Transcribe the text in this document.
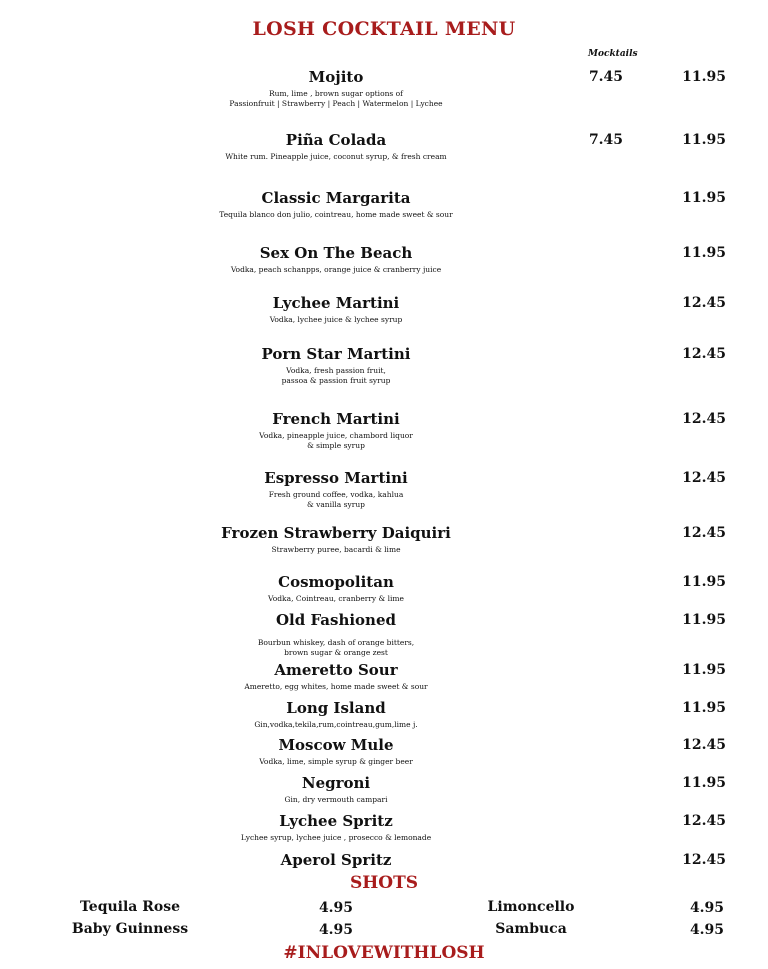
LOSH COCKTAIL MENU
Mocktails
Mojito
Rum, lime , brown sugar options of
Passionfruit | Strawberry | Peach | Watermelon | Lychee
7.45	11.95
Piña Colada
White rum. Pineapple juice, coconut syrup, & fresh cream
7.45	11.95
Classic Margarita
Tequila blanco don julio, cointreau, home made sweet & sour
11.95
Sex On The Beach
Vodka, peach schanpps, orange juice & cranberry juice
11.95
Lychee Martini
Vodka, lychee juice & lychee syrup
12.45
Porn Star Martini
Vodka, fresh passion fruit,
passoa & passion fruit syrup
12.45
French Martini
Vodka, pineapple juice, chambord liquor
& simple syrup
12.45
Espresso Martini
Fresh ground coffee, vodka, kahlua
& vanilla syrup
12.45
Frozen Strawberry Daiquiri
Strawberry puree, bacardi & lime
12.45
Cosmopolitan
Vodka, Cointreau, cranberry & lime
11.95
Old Fashioned
Bourbun whiskey, dash of orange bitters,
brown sugar & orange zest
11.95
Ameretto Sour
Ameretto, egg whites, home made sweet & sour
11.95
Long Island
Gin,vodka,tekila,rum,cointreau,gum,lime j.
11.95
Moscow Mule
Vodka, lime, simple syrup & ginger beer
12.45
Negroni
Gin, dry vermouth campari
11.95
Lychee Spritz
Lychee syrup, lychee juice , prosecco & lemonade
12.45
Aperol Spritz	12.45
SHOTS
Tequila Rose	4.95	Limoncello	4.95
Baby Guinness	4.95	Sambuca	4.95
#INLOVEWITHLOSH
